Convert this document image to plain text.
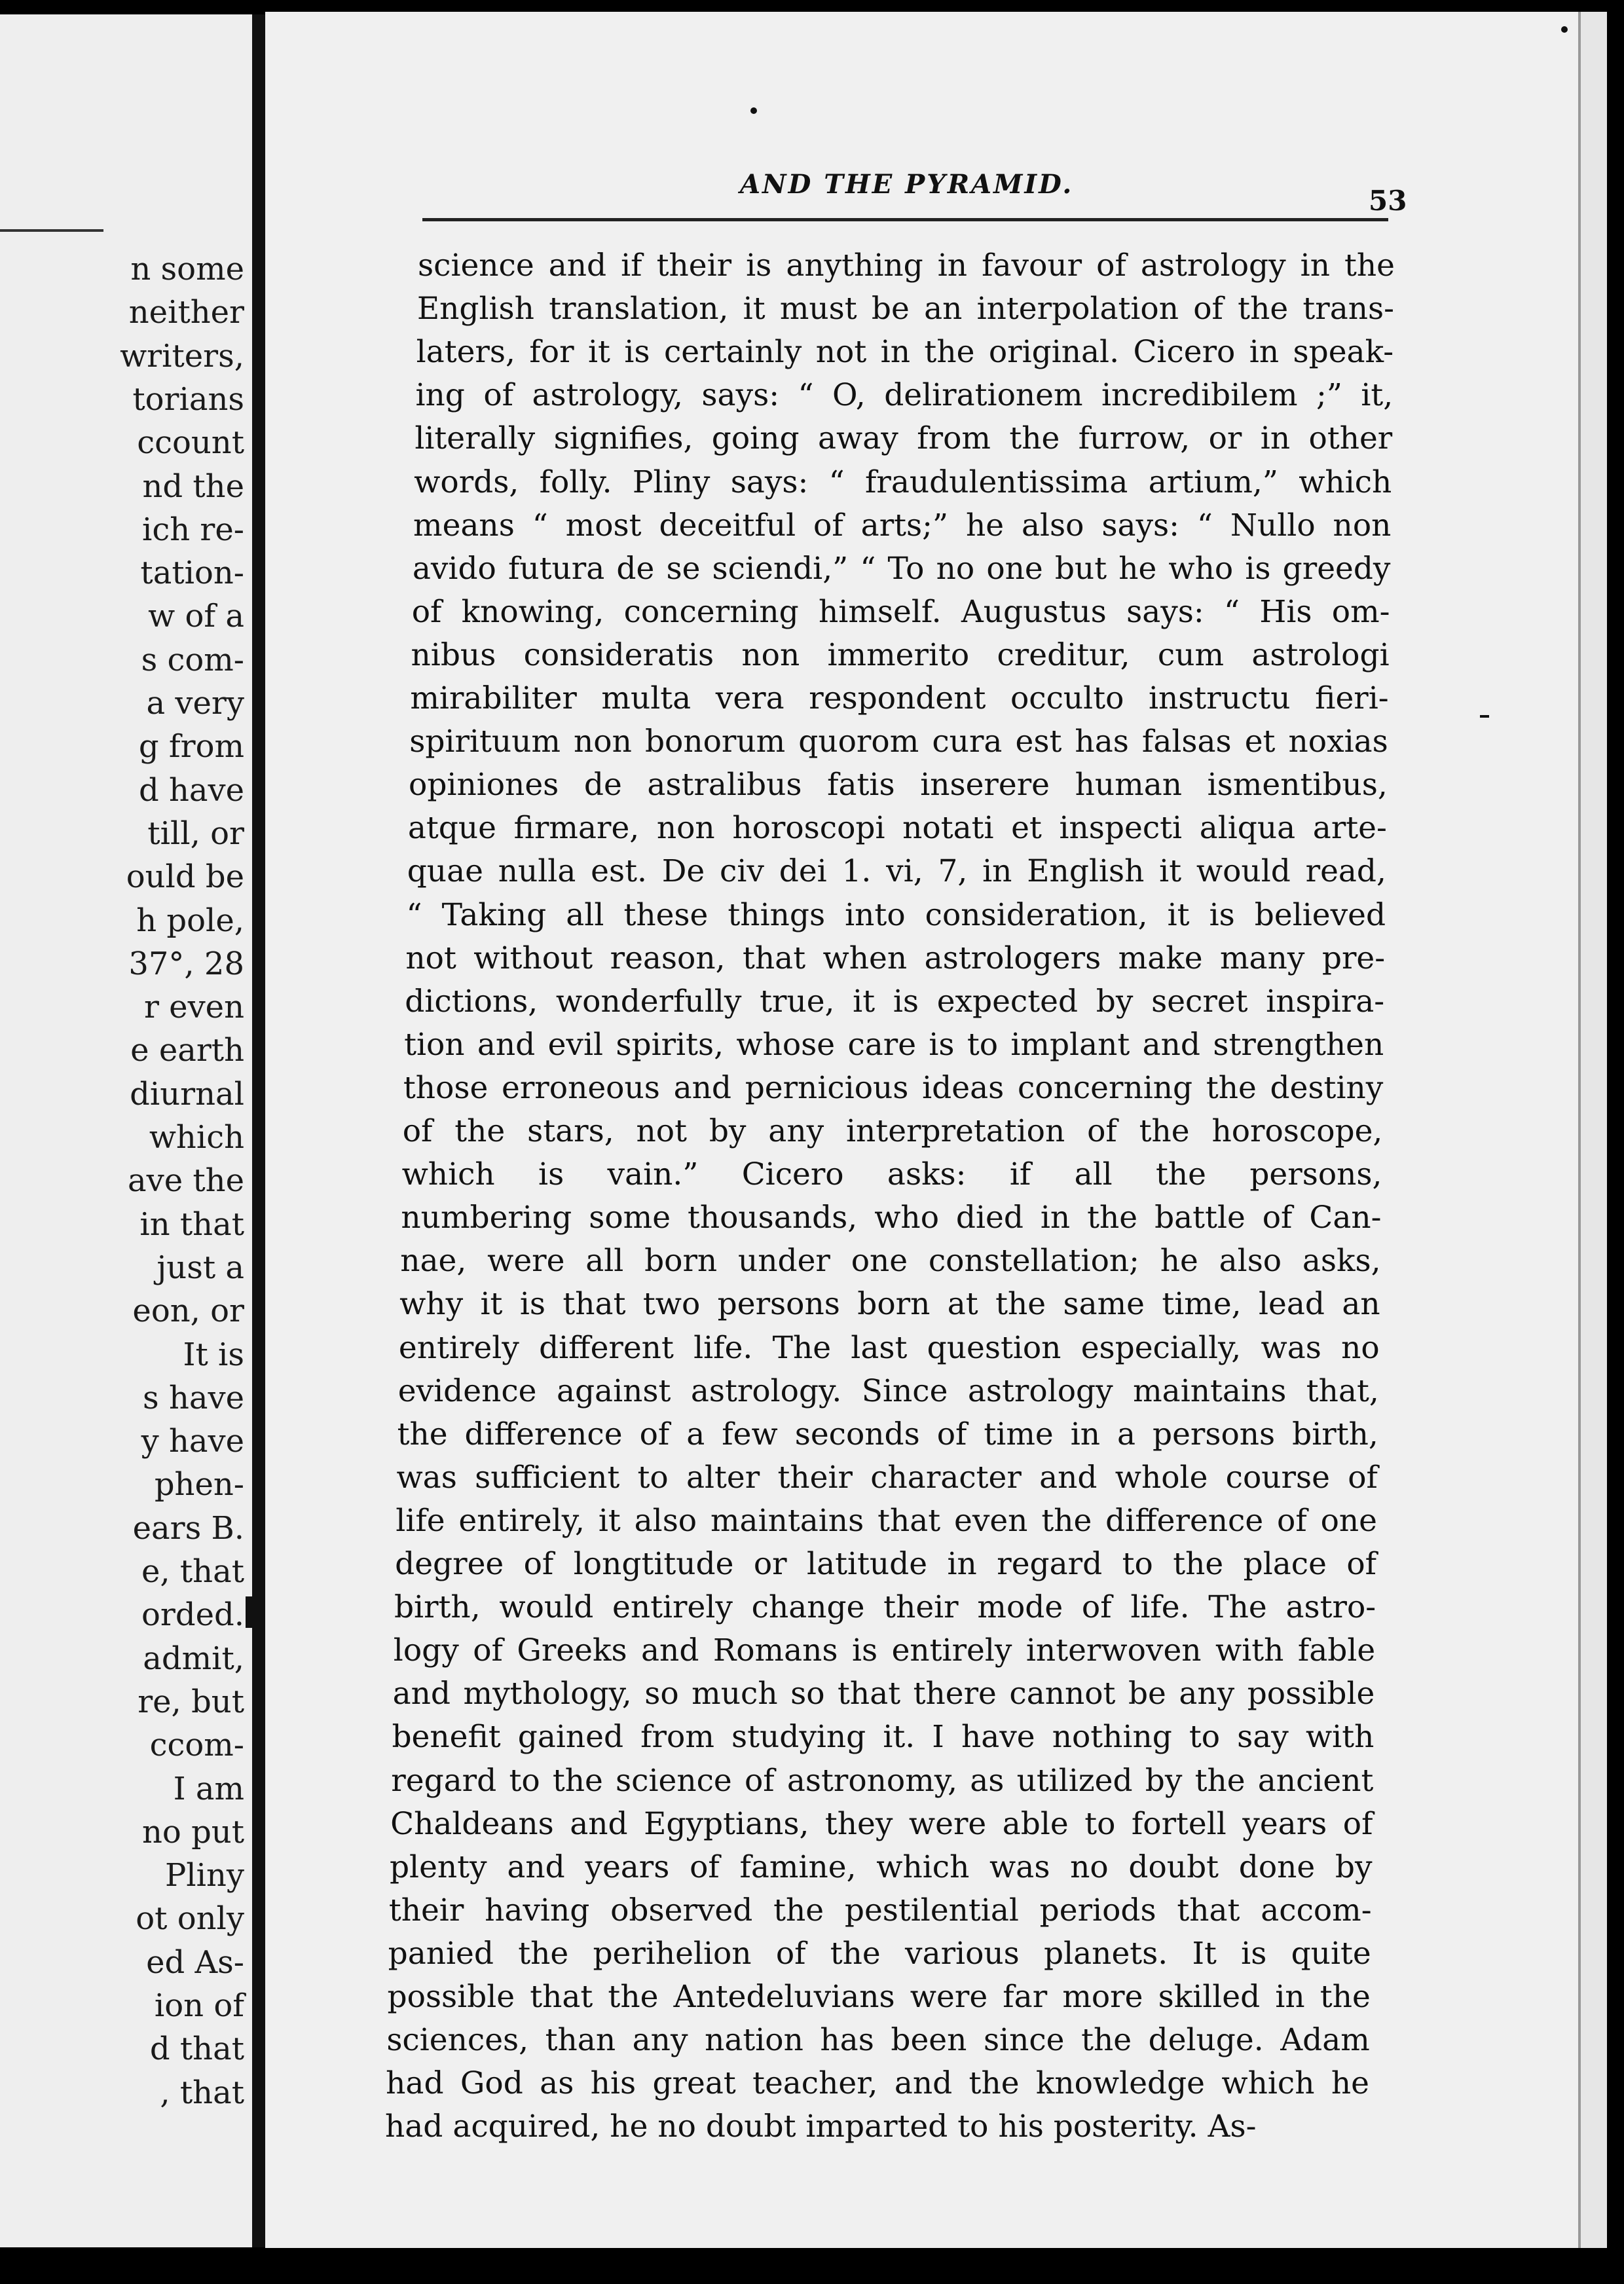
n some
neither
writers,
torians
ccount
nd the
ich re-
tation-
w of a
s com-
a very
g from
d have
till, or
ould be
h pole,
37°, 28
r even
e earth
diurnal
which
ave the
in that
just a
eon, or
It is
s have
y have
phen-
ears B.
e, that
orded.
admit,
re, but
ccom-
I am
no put
Pliny
ot only
ed As-
ion of
d that
, that
AND THE PYRAMID.
53
science and if their is anything in favour of astrology in the
English translation, it must be an interpolation of the trans-
laters, for it is certainly not in the original. Cicero in speak-
ing of astrology, says: “ O, delirationem incredibilem ;” it,
literally signifies, going away from the furrow, or in other
words, folly. Pliny says: “ fraudulentissima artium,” which
means “ most deceitful of arts;” he also says: “ Nullo non
avido futura de se sciendi,” “ To no one but he who is greedy
of knowing, concerning himself. Augustus says: “ His om-
nibus consideratis non immerito creditur, cum astrologi
mirabiliter multa vera respondent occulto instructu fieri-
spirituum non bonorum quorom cura est has falsas et noxias
opiniones de astralibus fatis inserere human ismentibus,
atque firmare, non horoscopi notati et inspecti aliqua arte-
quae nulla est. De civ dei 1. vi, 7, in English it would read,
“ Taking all these things into consideration, it is believed
not without reason, that when astrologers make many pre-
dictions, wonderfully true, it is expected by secret inspira-
tion and evil spirits, whose care is to implant and strengthen
those erroneous and pernicious ideas concerning the destiny
of the stars, not by any interpretation of the horoscope,
which is vain.” Cicero asks: if all the persons,
numbering some thousands, who died in the battle of Can-
nae, were all born under one constellation; he also asks,
why it is that two persons born at the same time, lead an
entirely different life. The last question especially, was no
evidence against astrology. Since astrology maintains that,
the difference of a few seconds of time in a persons birth,
was sufficient to alter their character and whole course of
life entirely, it also maintains that even the difference of one
degree of longtitude or latitude in regard to the place of
birth, would entirely change their mode of life. The astro-
logy of Greeks and Romans is entirely interwoven with fable
and mythology, so much so that there cannot be any possible
benefit gained from studying it. I have nothing to say with
regard to the science of astronomy, as utilized by the ancient
Chaldeans and Egyptians, they were able to fortell years of
plenty and years of famine, which was no doubt done by
their having observed the pestilential periods that accom-
panied the perihelion of the various planets. It is quite
possible that the Antedeluvians were far more skilled in the
sciences, than any nation has been since the deluge. Adam
had God as his great teacher, and the knowledge which he
had acquired, he no doubt imparted to his posterity. As-
